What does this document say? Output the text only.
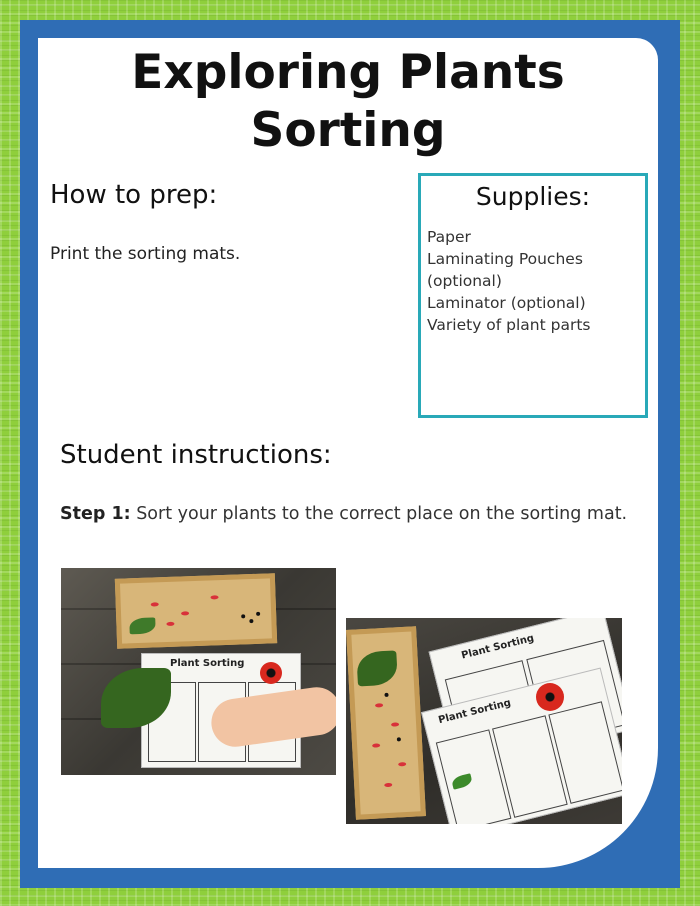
Exploring Plants
Sorting
How to prep:
Print the sorting mats.
Supplies:
Paper
Laminating Pouches
(optional)
Laminator (optional)
Variety of plant parts
Student instructions:
Step 1: Sort your plants to the correct place on the sorting mat.
Plant Sorting
Plant Sorting
Plant Sorting
